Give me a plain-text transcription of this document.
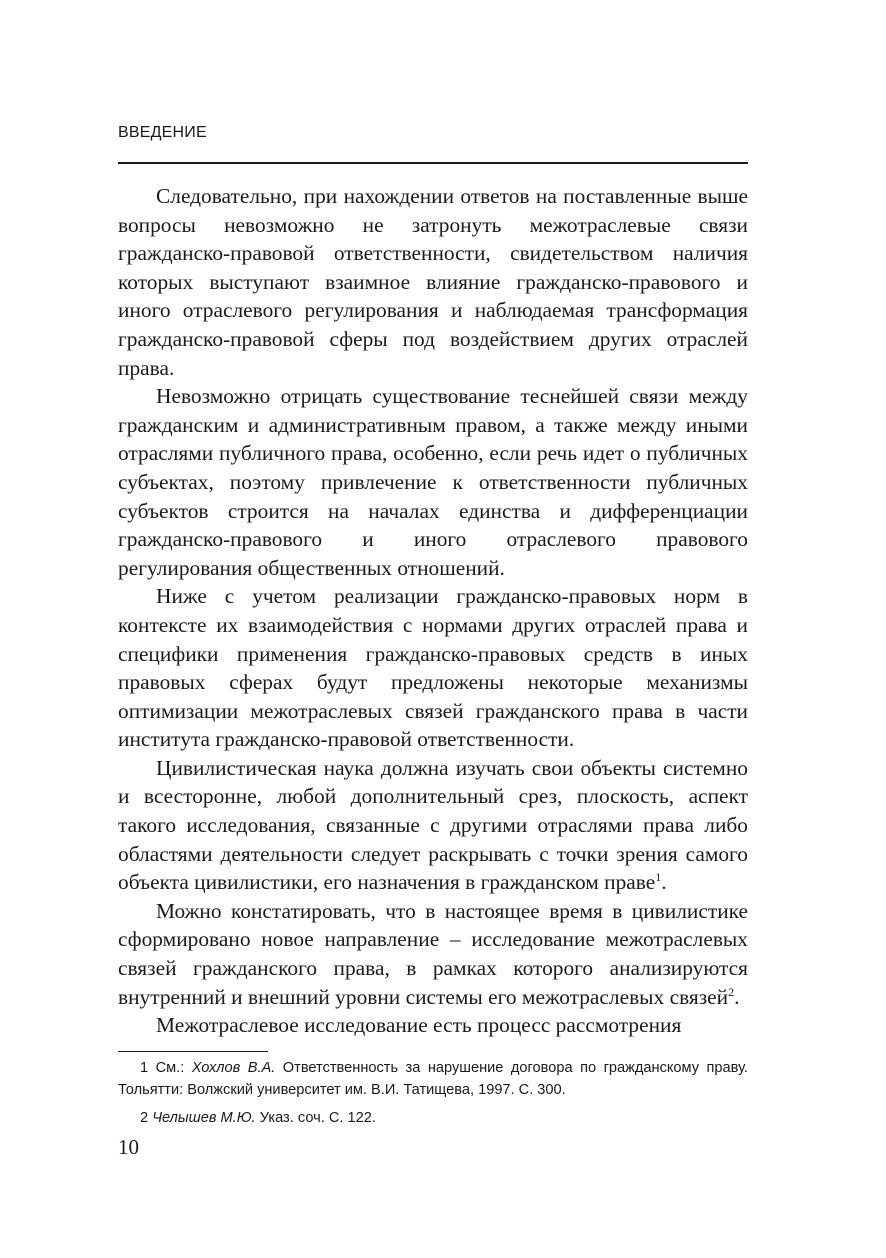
ВВЕДЕНИЕ

Следовательно, при нахождении ответов на поставленные выше вопросы невозможно не затронуть межотраслевые связи гражданско-правовой ответственности, свидетельством наличия которых выступают взаимное влияние гражданско-правового и иного отраслевого регулирования и наблюдаемая трансформация гражданско-правовой сферы под воздействием других отраслей права.

Невозможно отрицать существование теснейшей связи между гражданским и административным правом, а также между иными отраслями публичного права, особенно, если речь идет о публичных субъектах, поэтому привлечение к ответственности публичных субъектов строится на началах единства и дифференциации гражданско-правового и иного отраслевого правового регулирования общественных отношений.

Ниже с учетом реализации гражданско-правовых норм в контексте их взаимодействия с нормами других отраслей права и специфики применения гражданско-правовых средств в иных правовых сферах будут предложены некоторые механизмы оптимизации межотраслевых связей гражданского права в части института гражданско-правовой ответственности.

Цивилистическая наука должна изучать свои объекты системно и всесторонне, любой дополнительный срез, плоскость, аспект такого исследования, связанные с другими отраслями права либо областями деятельности следует раскрывать с точки зрения самого объекта цивилистики, его назначения в гражданском праве$^1$.

Можно констатировать, что в настоящее время в цивилистике сформировано новое направление – исследование межотраслевых связей гражданского права, в рамках которого анализируются внутренний и внешний уровни системы его межотраслевых связей$^2$.

Межотраслевое исследование есть процесс рассмотрения

1 См.: Хохлов В.А. Ответственность за нарушение договора по гражданскому праву. Тольятти: Волжский университет им. В.И. Татищева, 1997. С. 300.

2 Челышев М.Ю. Указ. соч. С. 122.

10
